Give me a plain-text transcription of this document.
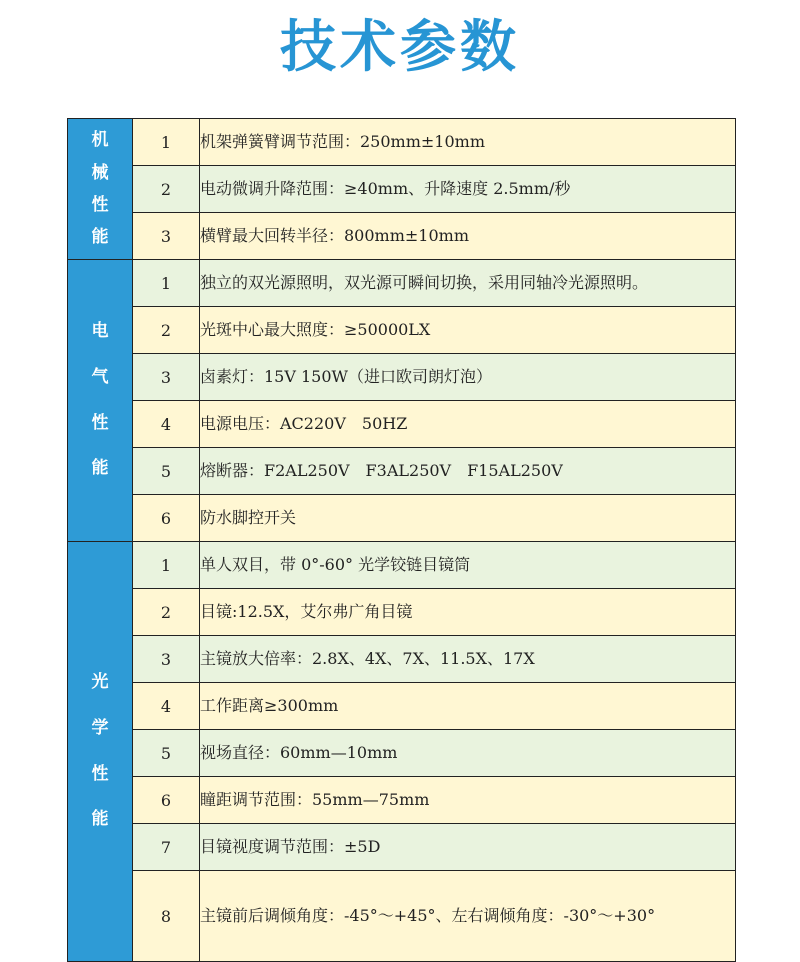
技术参数
机械性能	1	机架弹簧臂调节范围：250mm±10mm
	2	电动微调升降范围：≥40mm、升降速度 2.5mm/秒
	3	横臂最大回转半径：800mm±10mm
电气性能	1	独立的双光源照明，双光源可瞬间切换，采用同轴冷光源照明。
	2	光斑中心最大照度：≥50000LX
	3	卤素灯：15V 150W（进口欧司朗灯泡）
	4	电源电压：AC220V　50HZ
	5	熔断器：F2AL250V　F3AL250V　F15AL250V
	6	防水脚控开关
光学性能	1	单人双目，带 0°-60° 光学铰链目镜筒
	2	目镜:12.5X，艾尔弗广角目镜
	3	主镜放大倍率：2.8X、4X、7X、11.5X、17X
	4	工作距离≥300mm
	5	视场直径：60mm—10mm
	6	瞳距调节范围：55mm—75mm
	7	目镜视度调节范围：±5D
	8	主镜前后调倾角度：-45°～+45°、左右调倾角度：-30°～+30°
